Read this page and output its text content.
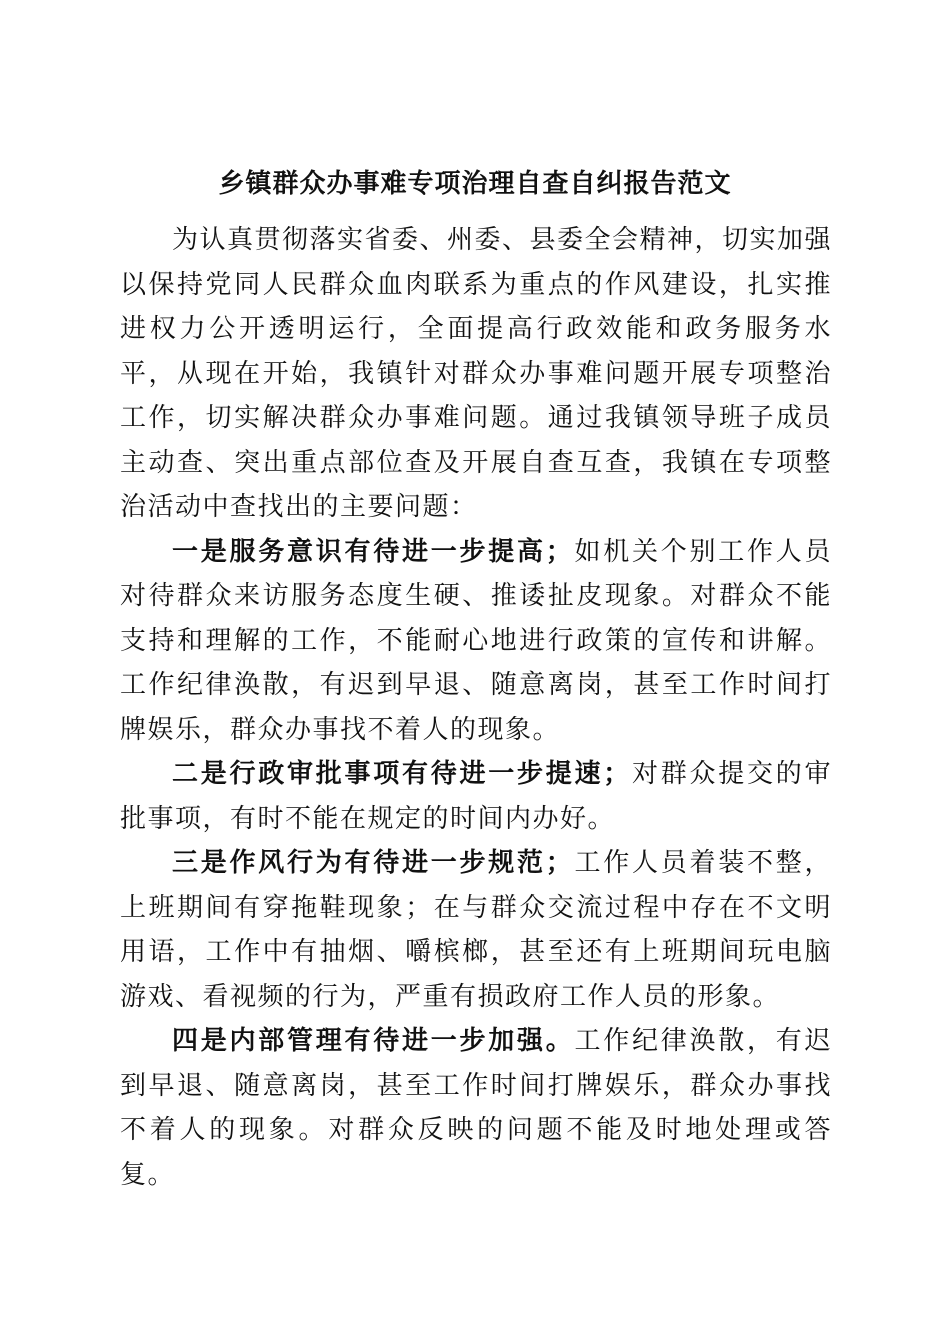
乡镇群众办事难专项治理自查自纠报告范文

为认真贯彻落实省委、州委、县委全会精神，切实加强以保持党同人民群众血肉联系为重点的作风建设，扎实推进权力公开透明运行，全面提高行政效能和政务服务水平，从现在开始，我镇针对群众办事难问题开展专项整治工作，切实解决群众办事难问题。通过我镇领导班子成员主动查、突出重点部位查及开展自查互查，我镇在专项整治活动中查找出的主要问题：

一是服务意识有待进一步提高；如机关个别工作人员对待群众来访服务态度生硬、推诿扯皮现象。对群众不能支持和理解的工作，不能耐心地进行政策的宣传和讲解。工作纪律涣散，有迟到早退、随意离岗，甚至工作时间打牌娱乐，群众办事找不着人的现象。

二是行政审批事项有待进一步提速；对群众提交的审批事项，有时不能在规定的时间内办好。

三是作风行为有待进一步规范；工作人员着装不整，上班期间有穿拖鞋现象；在与群众交流过程中存在不文明用语，工作中有抽烟、嚼槟榔，甚至还有上班期间玩电脑游戏、看视频的行为，严重有损政府工作人员的形象。

四是内部管理有待进一步加强。工作纪律涣散，有迟到早退、随意离岗，甚至工作时间打牌娱乐，群众办事找不着人的现象。对群众反映的问题不能及时地处理或答复。
